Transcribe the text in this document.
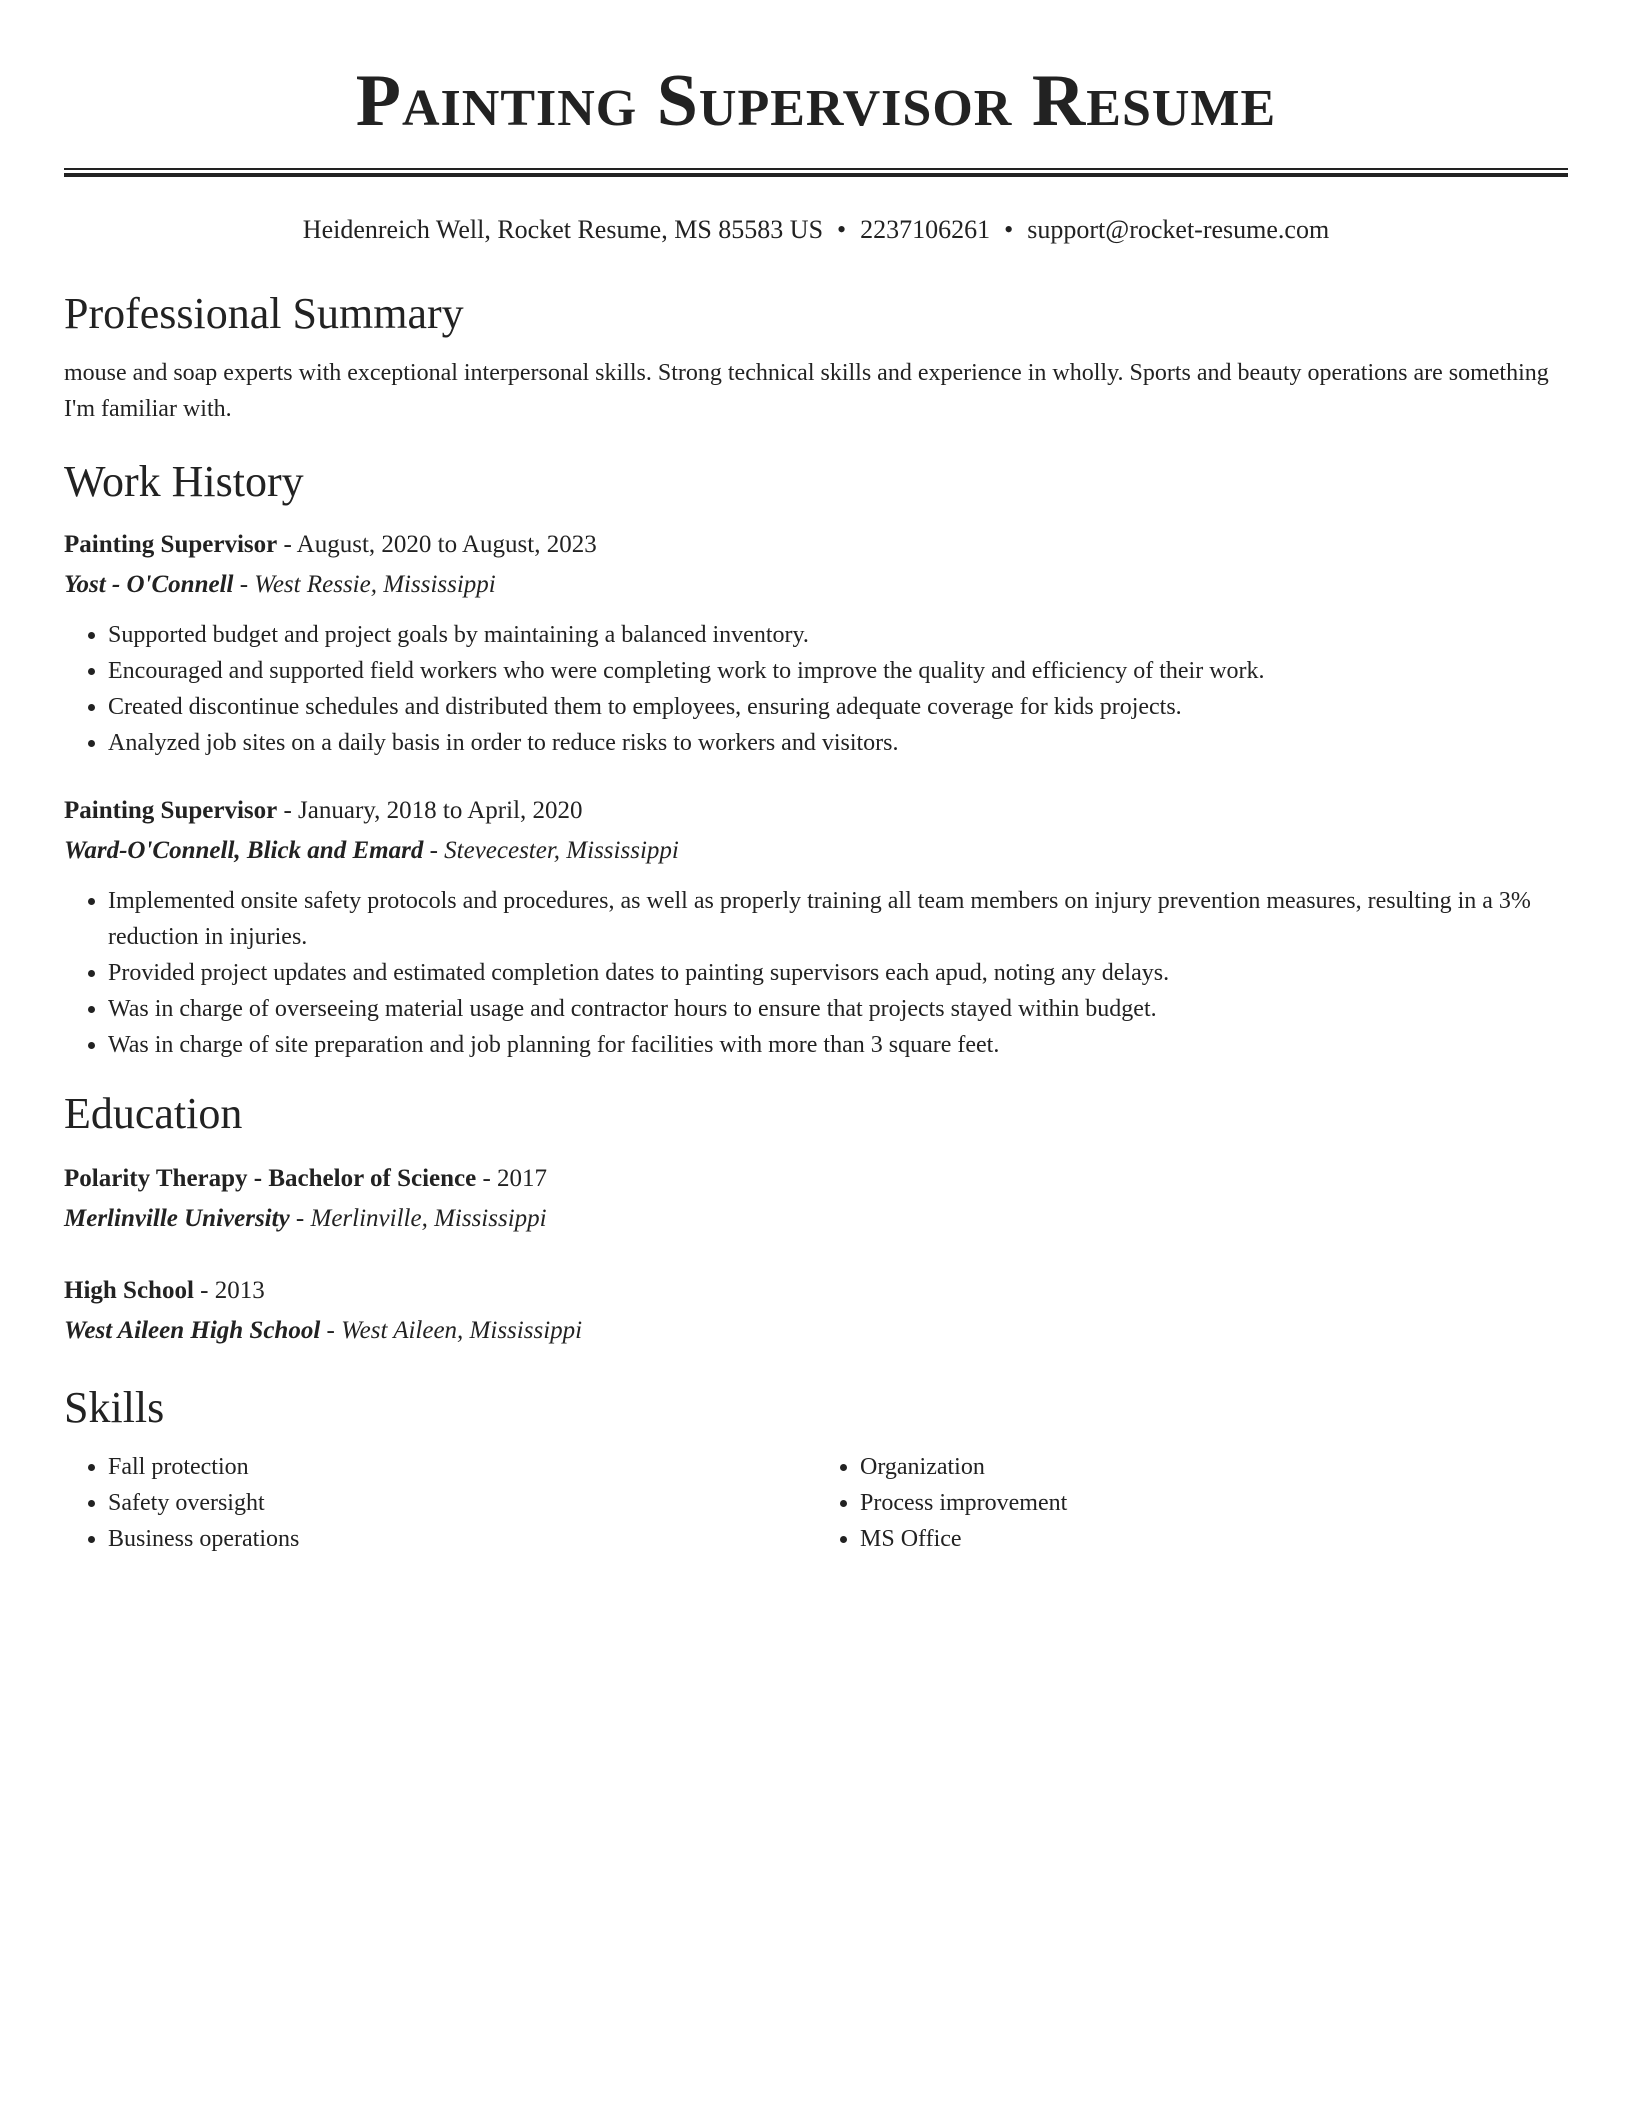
Painting Supervisor Resume
Heidenreich Well, Rocket Resume, MS 85583 US • 2237106261 • support@rocket-resume.com
Professional Summary

mouse and soap experts with exceptional interpersonal skills. Strong technical skills and experience in wholly. Sports and beauty operations are something I'm familiar with.

Work History
Painting Supervisor - August, 2020 to August, 2023
Yost - O'Connell - West Ressie, Mississippi
• Supported budget and project goals by maintaining a balanced inventory.
• Encouraged and supported field workers who were completing work to improve the quality and efficiency of their work.
• Created discontinue schedules and distributed them to employees, ensuring adequate coverage for kids projects.
• Analyzed job sites on a daily basis in order to reduce risks to workers and visitors.
Painting Supervisor - January, 2018 to April, 2020
Ward-O'Connell, Blick and Emard - Stevecester, Mississippi
• Implemented onsite safety protocols and procedures, as well as properly training all team members on injury prevention measures, resulting in a 3% reduction in injuries.
• Provided project updates and estimated completion dates to painting supervisors each apud, noting any delays.
• Was in charge of overseeing material usage and contractor hours to ensure that projects stayed within budget.
• Was in charge of site preparation and job planning for facilities with more than 3 square feet.
Education
Polarity Therapy - Bachelor of Science - 2017
Merlinville University - Merlinville, Mississippi
High School - 2013
West Aileen High School - West Aileen, Mississippi
Skills
• Fall protection
• Safety oversight
• Business operations
• Organization
• Process improvement
• MS Office
